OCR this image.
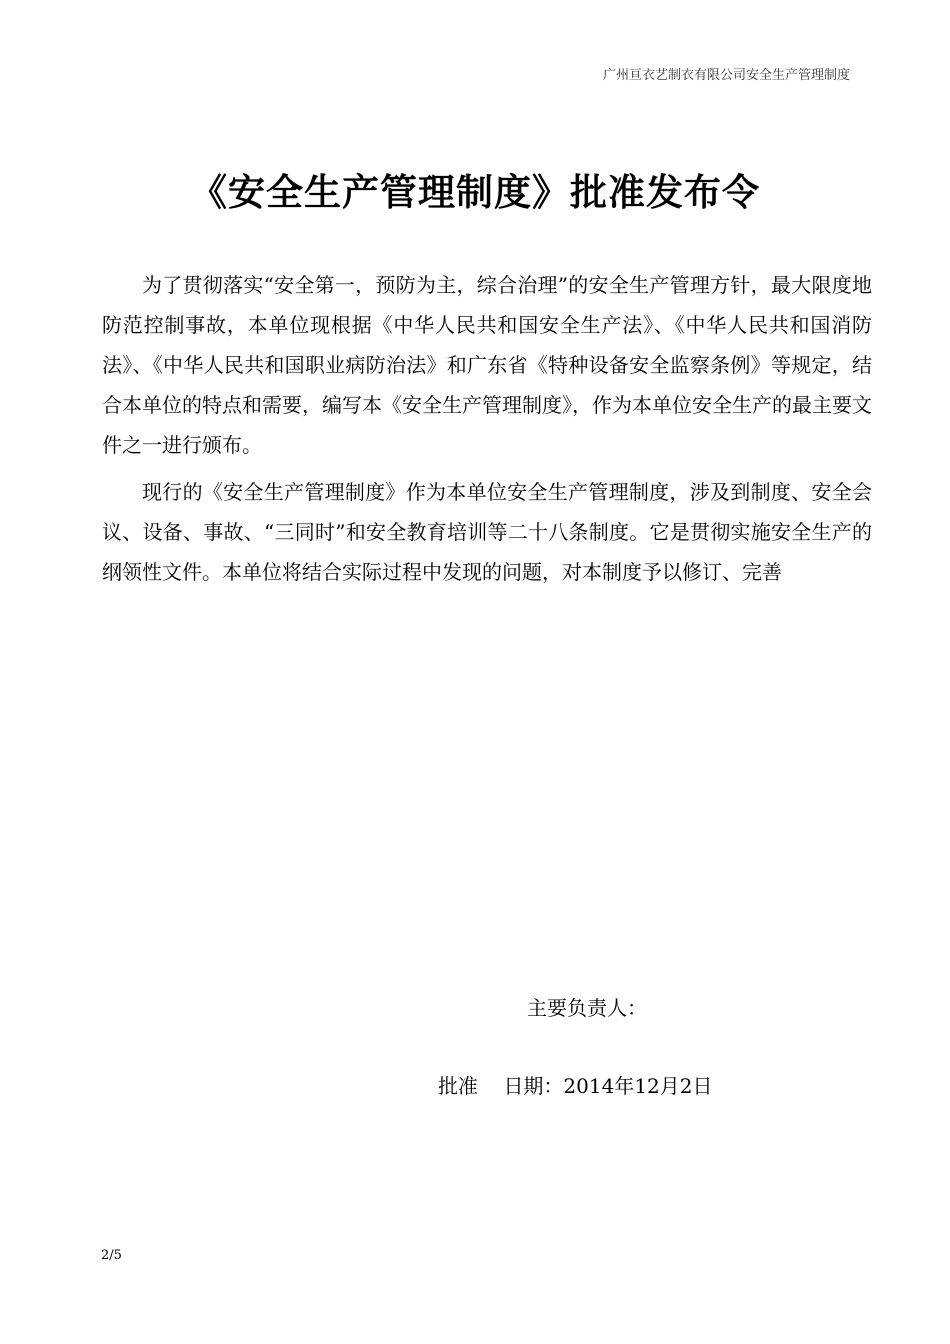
广州亘衣艺制衣有限公司安全生产管理制度
《安全生产管理制度》批准发布令

为了贯彻落实“安全第一，预防为主，综合治理”的安全生产管理方针，最大限度地防范控制事故，本单位现根据《中华人民共和国安全生产法》、《中华人民共和国消防法》、《中华人民共和国职业病防治法》和广东省《特种设备安全监察条例》等规定，结合本单位的特点和需要，编写本《安全生产管理制度》，作为本单位安全生产的最主要文件之一进行颁布。

现行的《安全生产管理制度》作为本单位安全生产管理制度，涉及到制度、安全会议、设备、事故、“三同时”和安全教育培训等二十八条制度。它是贯彻实施安全生产的纲领性文件。本单位将结合实际过程中发现的问题，对本制度予以修订、完善

主要负责人：
批准 日期：2014年12月2日
2/5
